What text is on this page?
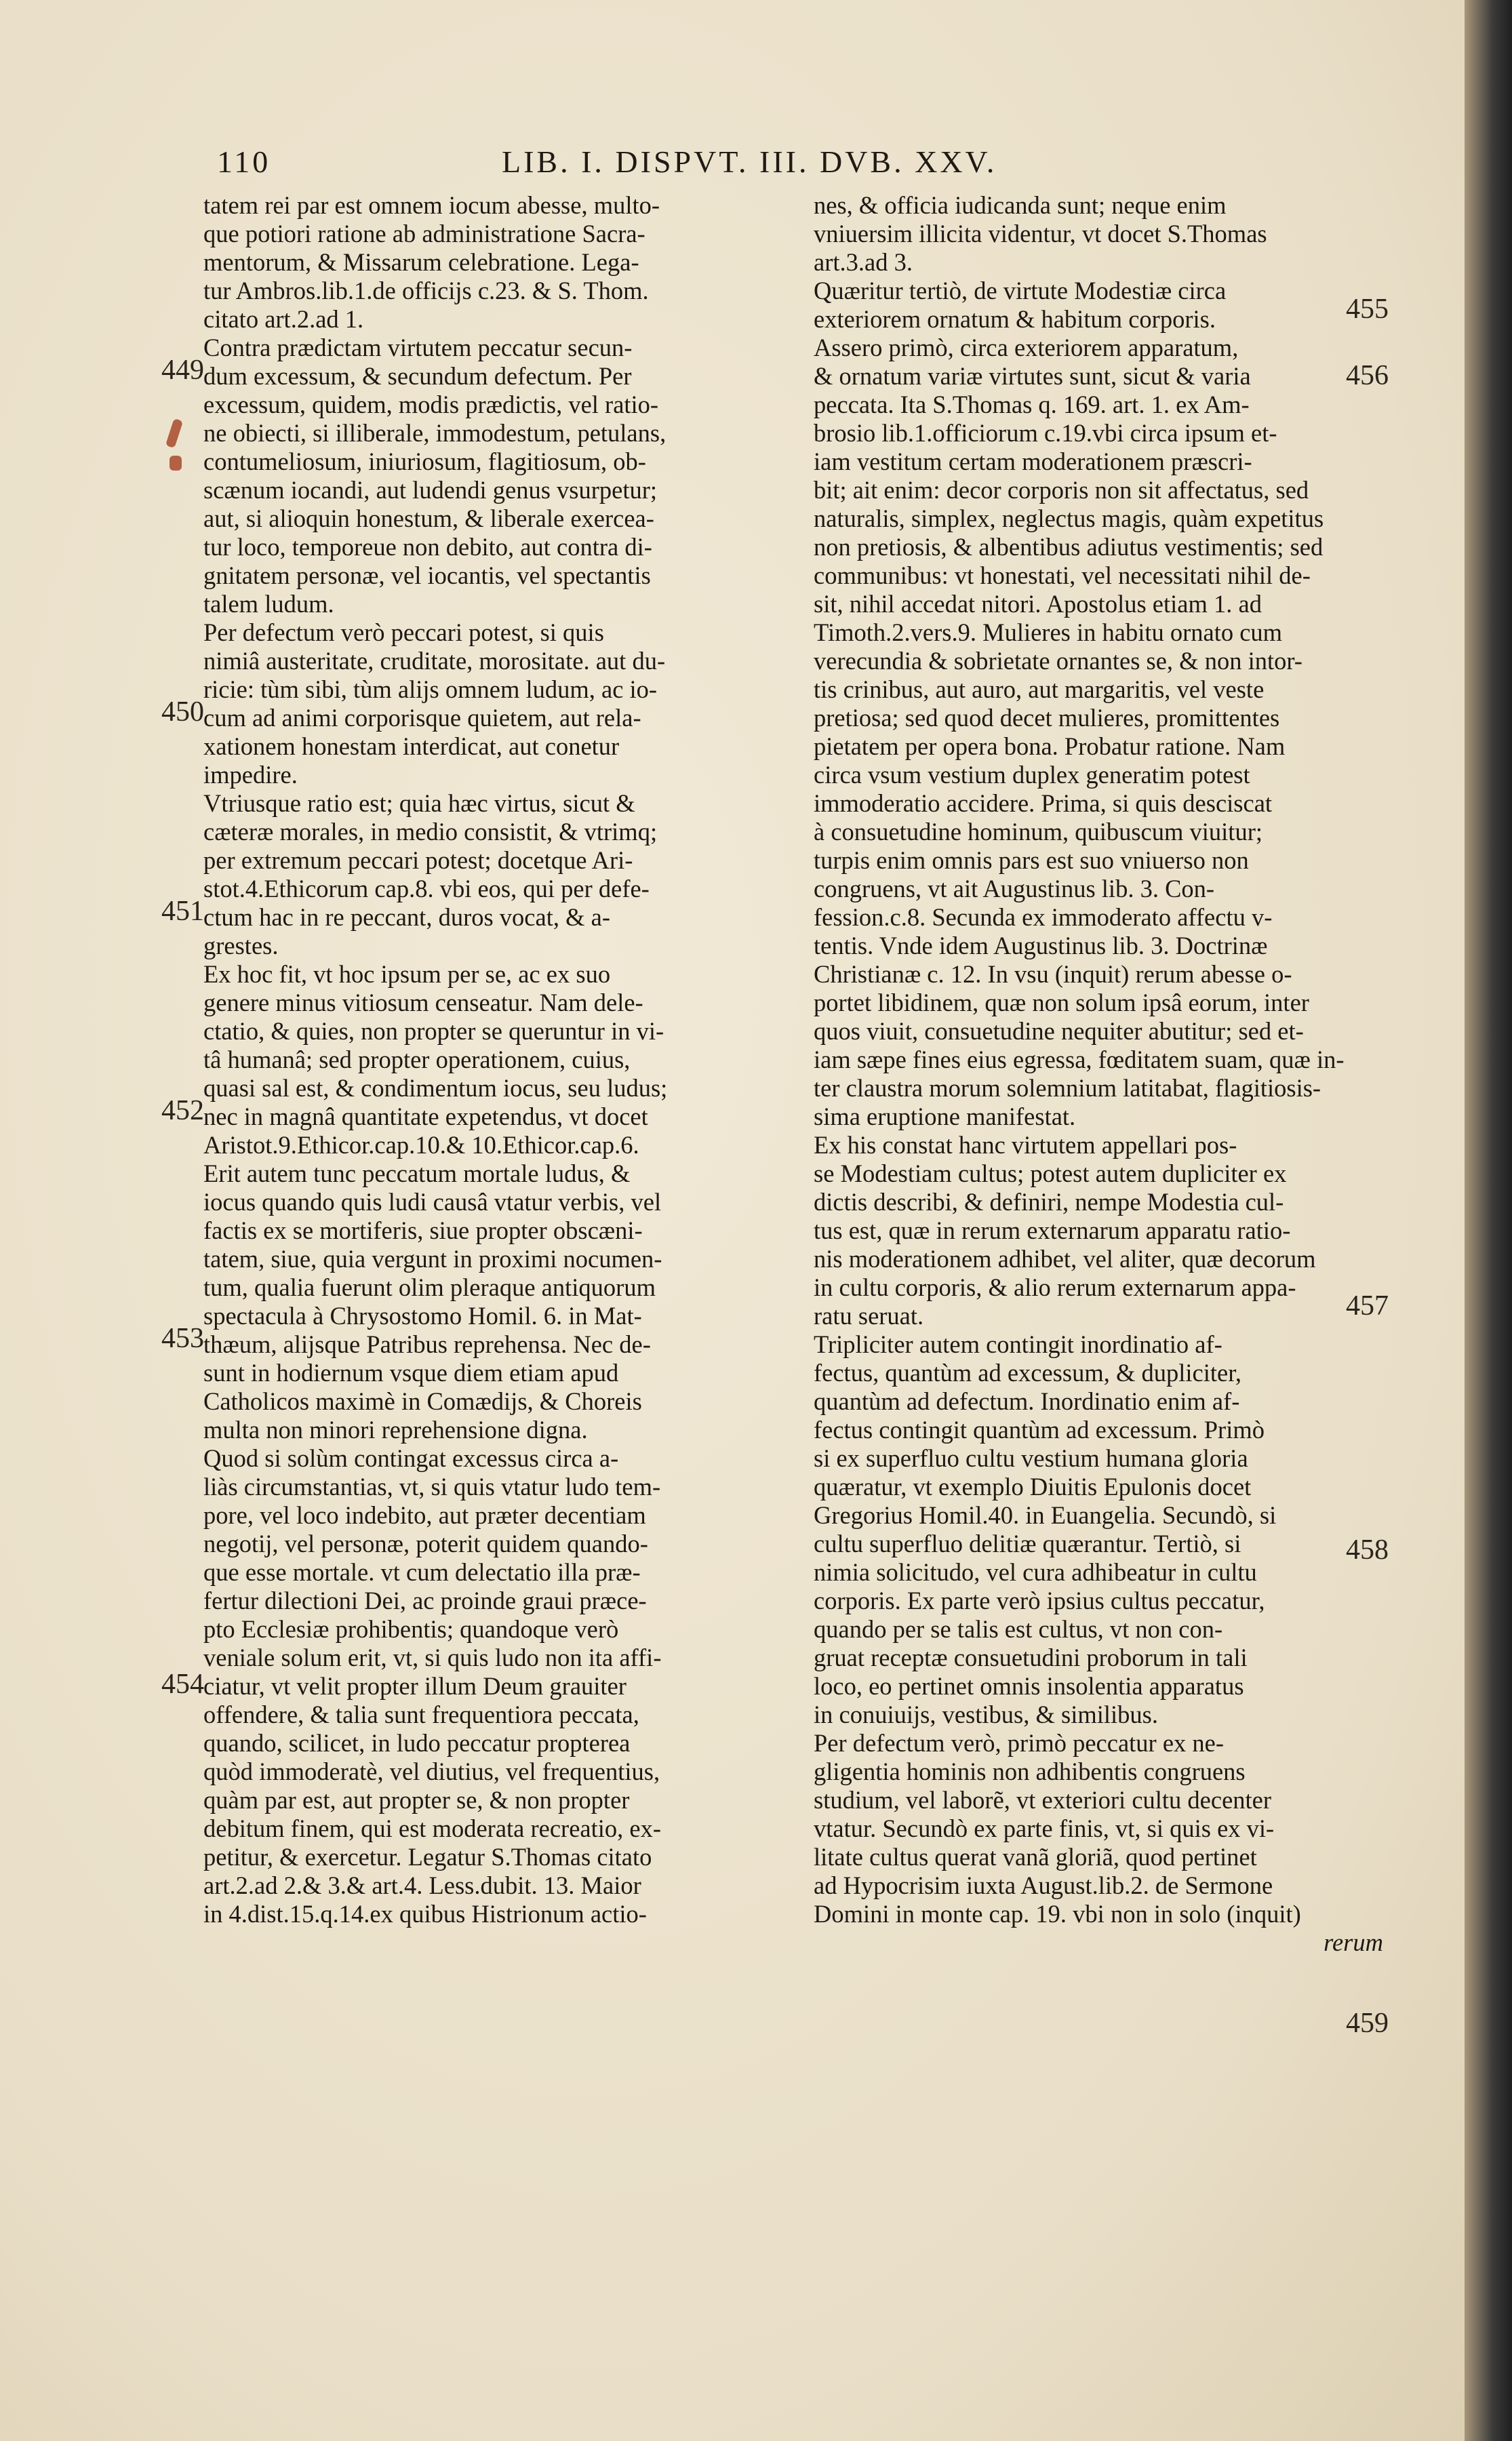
110	LIB. I. DISPVT. III. DVB. XXV.
tatem rei par est omnem iocum abesse, multo-
que potiori ratione ab administratione Sacra-
mentorum, & Missarum celebratione. Lega-
tur Ambros.lib.1.de officijs c.23. & S. Thom.
citato art.2.ad 1.
Contra prædictam virtutem peccatur secun-
dum excessum, & secundum defectum. Per
excessum, quidem, modis prædictis, vel ratio-
ne obiecti, si illiberale, immodestum, petulans,
contumeliosum, iniuriosum, flagitiosum, ob-
scænum iocandi, aut ludendi genus vsurpetur;
aut, si alioquin honestum, & liberale exercea-
tur loco, temporeue non debito, aut contra di-
gnitatem personæ, vel iocantis, vel spectantis
talem ludum.
Per defectum verò peccari potest, si quis
nimiâ austeritate, cruditate, morositate. aut du-
ricie: tùm sibi, tùm alijs omnem ludum, ac io-
cum ad animi corporisque quietem, aut rela-
xationem honestam interdicat, aut conetur
impedire.
Vtriusque ratio est; quia hæc virtus, sicut &
cæteræ morales, in medio consistit, & vtrimq;
per extremum peccari potest; docetque Ari-
stot.4.Ethicorum cap.8. vbi eos, qui per defe-
ctum hac in re peccant, duros vocat, & a-
grestes.
Ex hoc fit, vt hoc ipsum per se, ac ex suo
genere minus vitiosum censeatur. Nam dele-
ctatio, & quies, non propter se queruntur in vi-
tâ humanâ; sed propter operationem, cuius,
quasi sal est, & condimentum iocus, seu ludus;
nec in magnâ quantitate expetendus, vt docet
Aristot.9.Ethicor.cap.10.& 10.Ethicor.cap.6.
Erit autem tunc peccatum mortale ludus, &
iocus quando quis ludi causâ vtatur verbis, vel
factis ex se mortiferis, siue propter obscæni-
tatem, siue, quia vergunt in proximi nocumen-
tum, qualia fuerunt olim pleraque antiquorum
spectacula à Chrysostomo Homil. 6. in Mat-
thæum, alijsque Patribus reprehensa. Nec de-
sunt in hodiernum vsque diem etiam apud
Catholicos maximè in Comædijs, & Choreis
multa non minori reprehensione digna.
Quod si solùm contingat excessus circa a-
liàs circumstantias, vt, si quis vtatur ludo tem-
pore, vel loco indebito, aut præter decentiam
negotij, vel personæ, poterit quidem quando-
que esse mortale. vt cum delectatio illa præ-
fertur dilectioni Dei, ac proinde graui præce-
pto Ecclesiæ prohibentis; quandoque verò
veniale solum erit, vt, si quis ludo non ita affi-
ciatur, vt velit propter illum Deum grauiter
offendere, & talia sunt frequentiora peccata,
quando, scilicet, in ludo peccatur propterea
quòd immoderatè, vel diutius, vel frequentius,
quàm par est, aut propter se, & non propter
debitum finem, qui est moderata recreatio, ex-
petitur, & exercetur. Legatur S.Thomas citato
art.2.ad 2.& 3.& art.4. Less.dubit. 13. Maior
in 4.dist.15.q.14.ex quibus Histrionum actio-
nes, & officia iudicanda sunt; neque enim
vniuersim illicita videntur, vt docet S.Thomas
art.3.ad 3.
Quæritur tertiò, de virtute Modestiæ circa
exteriorem ornatum & habitum corporis.
Assero primò, circa exteriorem apparatum,
& ornatum variæ virtutes sunt, sicut & varia
peccata. Ita S.Thomas q. 169. art. 1. ex Am-
brosio lib.1.officiorum c.19.vbi circa ipsum et-
iam vestitum certam moderationem præscri-
bit; ait enim: decor corporis non sit affectatus, sed
naturalis, simplex, neglectus magis, quàm expetitus
non pretiosis, & albentibus adiutus vestimentis; sed
communibus: vt honestati, vel necessitati nihil de-
sit, nihil accedat nitori. Apostolus etiam 1. ad
Timoth.2.vers.9. Mulieres in habitu ornato cum
verecundia & sobrietate ornantes se, & non intor-
tis crinibus, aut auro, aut margaritis, vel veste
pretiosa; sed quod decet mulieres, promittentes
pietatem per opera bona. Probatur ratione. Nam
circa vsum vestium duplex generatim potest
immoderatio accidere. Prima, si quis desciscat
à consuetudine hominum, quibuscum viuitur;
turpis enim omnis pars est suo vniuerso non
congruens, vt ait Augustinus lib. 3. Con-
fession.c.8. Secunda ex immoderato affectu v-
tentis. Vnde idem Augustinus lib. 3. Doctrinæ
Christianæ c. 12. In vsu (inquit) rerum abesse o-
portet libidinem, quæ non solum ipsâ eorum, inter
quos viuit, consuetudine nequiter abutitur; sed et-
iam sæpe fines eius egressa, fœditatem suam, quæ in-
ter claustra morum solemnium latitabat, flagitiosis-
sima eruptione manifestat.
Ex his constat hanc virtutem appellari pos-
se Modestiam cultus; potest autem dupliciter ex
dictis describi, & definiri, nempe Modestia cul-
tus est, quæ in rerum externarum apparatu ratio-
nis moderationem adhibet, vel aliter, quæ decorum
in cultu corporis, & alio rerum externarum appa-
ratu seruat.
Tripliciter autem contingit inordinatio af-
fectus, quantùm ad excessum, & dupliciter,
quantùm ad defectum. Inordinatio enim af-
fectus contingit quantùm ad excessum. Primò
si ex superfluo cultu vestium humana gloria
quæratur, vt exemplo Diuitis Epulonis docet
Gregorius Homil.40. in Euangelia. Secundò, si
cultu superfluo delitiæ quærantur. Tertiò, si
nimia solicitudo, vel cura adhibeatur in cultu
corporis. Ex parte verò ipsius cultus peccatur,
quando per se talis est cultus, vt non con-
gruat receptæ consuetudini proborum in tali
loco, eo pertinet omnis insolentia apparatus
in conuiuijs, vestibus, & similibus.
Per defectum verò, primò peccatur ex ne-
gligentia hominis non adhibentis congruens
studium, vel laborẽ, vt exteriori cultu decenter
vtatur. Secundò ex parte finis, vt, si quis ex vi-
litate cultus querat vanã gloriã, quod pertinet
ad Hypocrisim iuxta August.lib.2. de Sermone
Domini in monte cap. 19. vbi non in solo (inquit)
rerum
449
450
451
452
453
454
455
456
457
458
459
